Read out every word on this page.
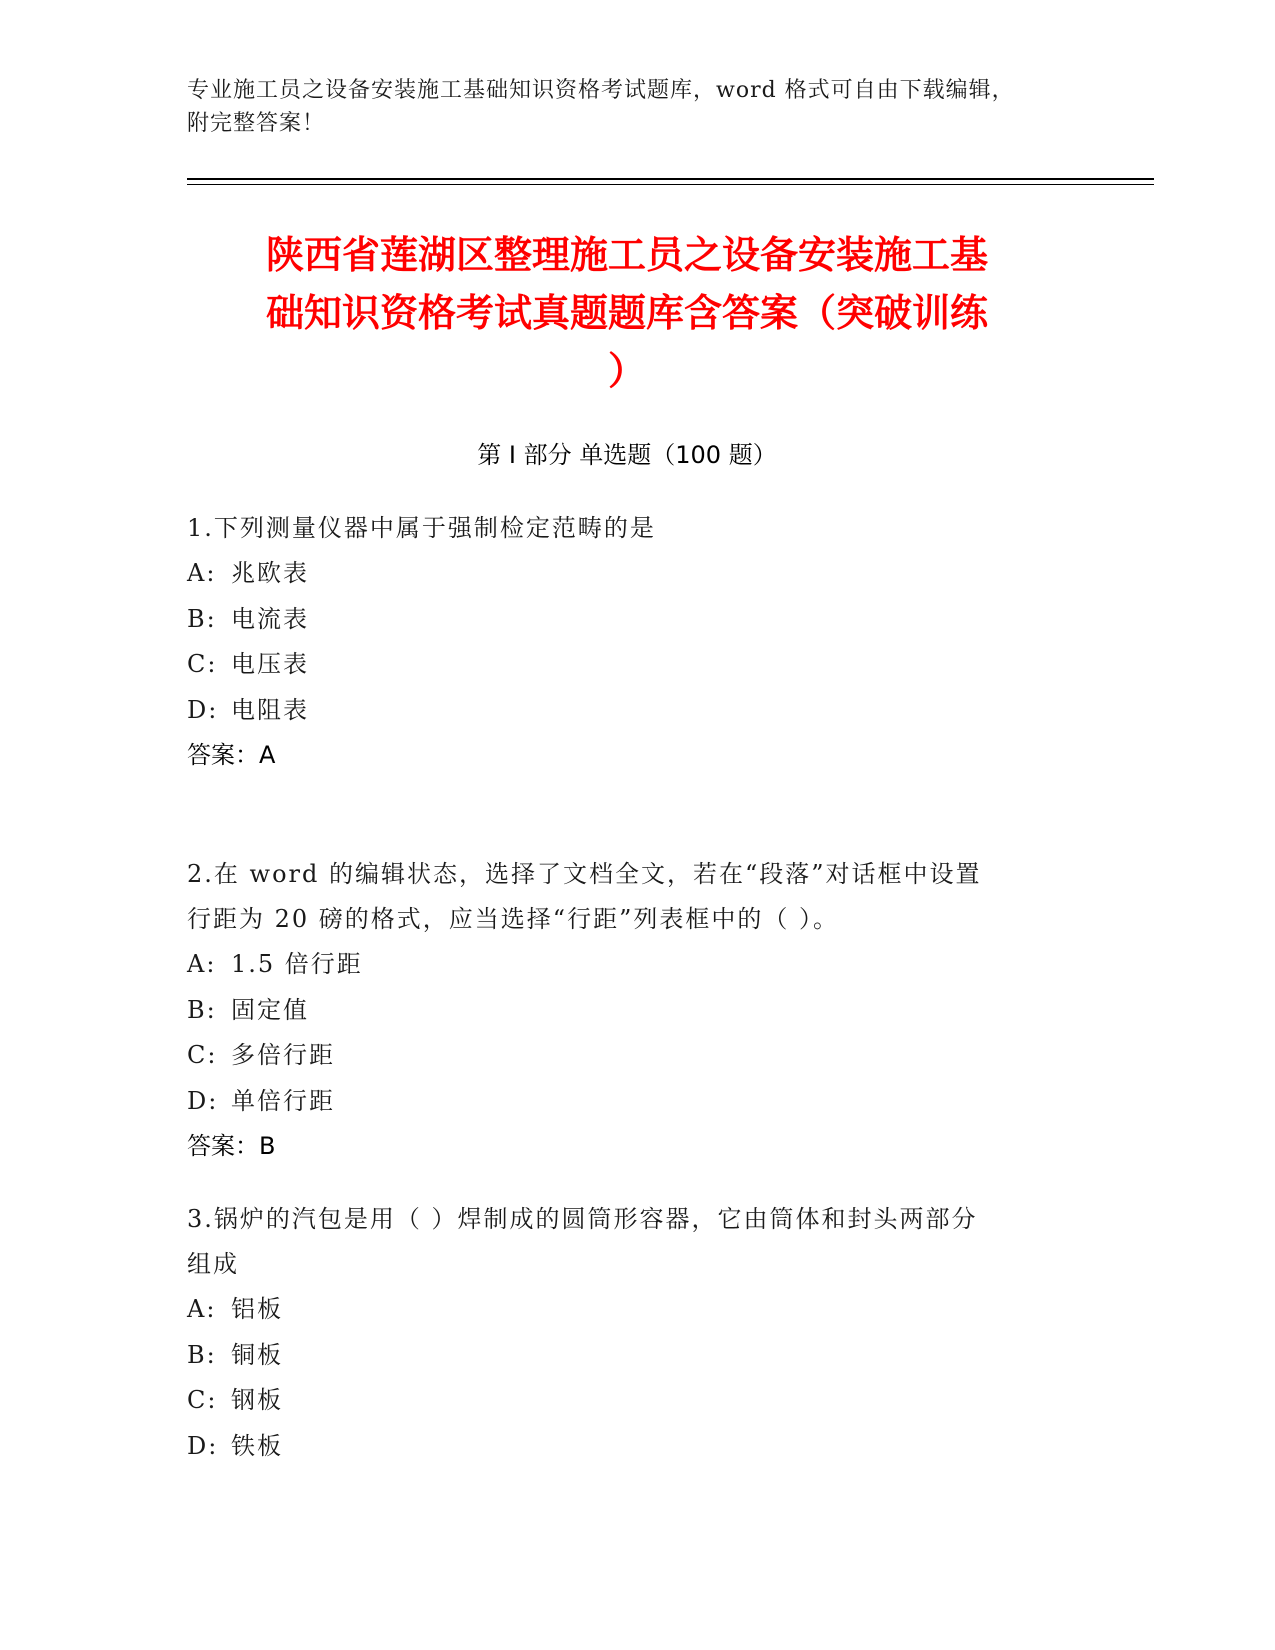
专业施工员之设备安装施工基础知识资格考试题库，word 格式可自由下载编辑，
附完整答案！
陕西省莲湖区整理施工员之设备安装施工基
础知识资格考试真题题库含答案（突破训练
）
第 I 部分 单选题（100 题）
1.下列测量仪器中属于强制检定范畴的是
A: 兆欧表
B: 电流表
C: 电压表
D: 电阻表
答案：A
2.在 word 的编辑状态，选择了文档全文，若在“段落”对话框中设置
行距为 20 磅的格式，应当选择“行距”列表框中的（ ）。
A: 1.5 倍行距
B: 固定值
C: 多倍行距
D: 单倍行距
答案：B
3.锅炉的汽包是用（ ）焊制成的圆筒形容器，它由筒体和封头两部分
组成
A: 铝板
B: 铜板
C: 钢板
D: 铁板
